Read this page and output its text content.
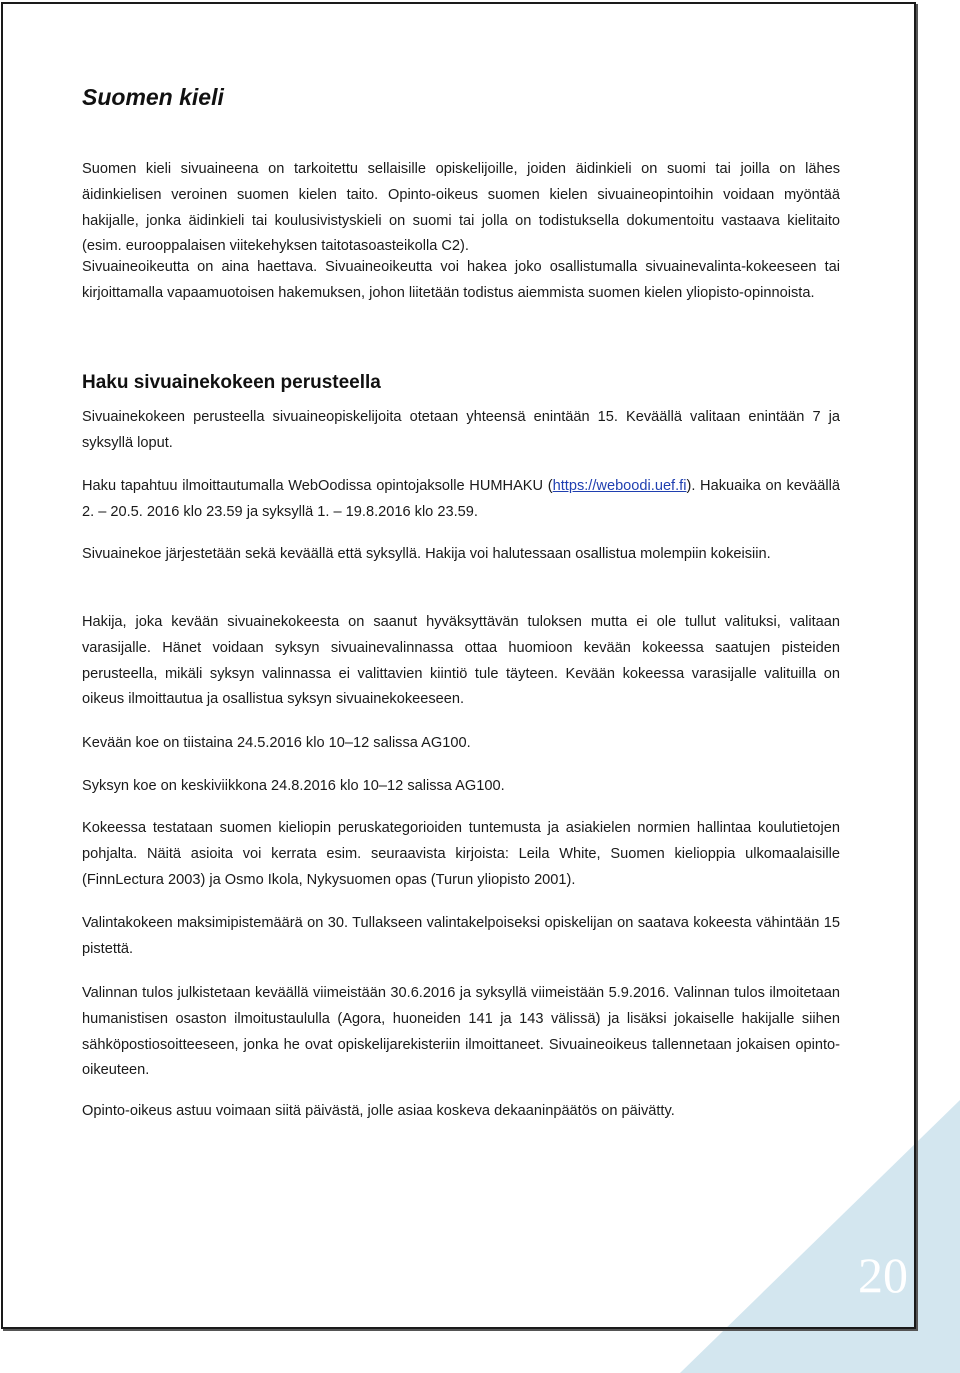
Suomen kieli

Suomen kieli sivuaineena on tarkoitettu sellaisille opiskelijoille, joiden äidinkieli on suomi tai joilla on lähes äidinkielisen veroinen suomen kielen taito. Opinto-oikeus suomen kielen sivuaineopintoihin voidaan myöntää hakijalle, jonka äidinkieli tai koulusivistyskieli on suomi tai jolla on todistuksella dokumentoitu vastaava kielitaito (esim. eurooppalaisen viitekehyksen taitotasoasteikolla C2).

Sivuaineoikeutta on aina haettava. Sivuaineoikeutta voi hakea joko osallistumalla sivuainevalinta-kokeeseen tai kirjoittamalla vapaamuotoisen hakemuksen, johon liitetään todistus aiemmista suomen kielen yliopisto-opinnoista.

Haku sivuainekokeen perusteella

Sivuainekokeen perusteella sivuaineopiskelijoita otetaan yhteensä enintään 15. Keväällä valitaan enintään 7 ja syksyllä loput.

Haku tapahtuu ilmoittautumalla WebOodissa opintojaksolle HUMHAKU (https://weboodi.uef.fi). Hakuaika on keväällä 2. – 20.5. 2016 klo 23.59 ja syksyllä 1. – 19.8.2016 klo 23.59.

Sivuainekoe järjestetään sekä keväällä että syksyllä. Hakija voi halutessaan osallistua molempiin kokeisiin.

Hakija, joka kevään sivuainekokeesta on saanut hyväksyttävän tuloksen mutta ei ole tullut valituksi, valitaan varasijalle. Hänet voidaan syksyn sivuainevalinnassa ottaa huomioon kevään kokeessa saatujen pisteiden perusteella, mikäli syksyn valinnassa ei valittavien kiintiö tule täyteen. Kevään kokeessa varasijalle valituilla on oikeus ilmoittautua ja osallistua syksyn sivuainekokeeseen.

Kevään koe on tiistaina 24.5.2016 klo 10–12 salissa AG100.

Syksyn koe on keskiviikkona 24.8.2016 klo 10–12 salissa AG100.

Kokeessa testataan suomen kieliopin peruskategorioiden tuntemusta ja asiakielen normien hallintaa koulutietojen pohjalta. Näitä asioita voi kerrata esim. seuraavista kirjoista: Leila White, Suomen kielioppia ulkomaalaisille (FinnLectura 2003) ja Osmo Ikola, Nykysuomen opas (Turun yliopisto 2001).

Valintakokeen maksimipistemäärä on 30. Tullakseen valintakelpoiseksi opiskelijan on saatava kokeesta vähintään 15 pistettä.

Valinnan tulos julkistetaan keväällä viimeistään 30.6.2016 ja syksyllä viimeistään 5.9.2016. Valinnan tulos ilmoitetaan humanistisen osaston ilmoitustaululla (Agora, huoneiden 141 ja 143 välissä) ja lisäksi jokaiselle hakijalle siihen sähköpostiosoitteeseen, jonka he ovat opiskelijarekisteriin ilmoittaneet. Sivuaineoikeus tallennetaan jokaisen opinto-oikeuteen.

Opinto-oikeus astuu voimaan siitä päivästä, jolle asiaa koskeva dekaaninpäätös on päivätty.

20
